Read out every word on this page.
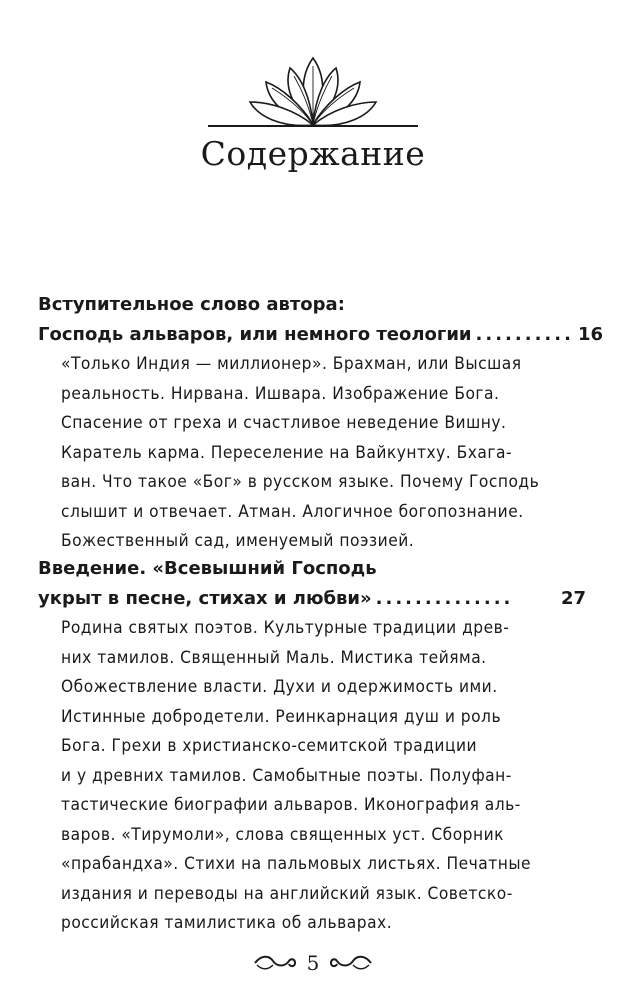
Содержание
Вступительное слово автора:
Господь альваров, или немного теологии .......... 16
«Только Индия — миллионер». Брахман, или Высшая
реальность. Нирвана. Ишвара. Изображение Бога.
Спасение от греха и счастливое неведение Вишну.
Каратель карма. Переселение на Вайкунтху. Бхага-
ван. Что такое «Бог» в русском языке. Почему Господь
слышит и отвечает. Атман. Алогичное богопознание.
Божественный сад, именуемый поэзией.
Введение. «Всевышний Господь
укрыт в песне, стихах и любви» ..............	27
Родина святых поэтов. Культурные традиции древ-
них тамилов. Священный Маль. Мистика тейяма.
Обожествление власти. Духи и одержимость ими.
Истинные добродетели. Реинкарнация душ и роль
Бога. Грехи в христианско-семитской традиции
и у древних тамилов. Самобытные поэты. Полуфан-
тастические биографии альваров. Иконография аль-
варов. «Тирумоли», слова священных уст. Сборник
«прабандха». Стихи на пальмовых листьях. Печатные
издания и переводы на английский язык. Советско-
российская тамилистика об альварах.
5
